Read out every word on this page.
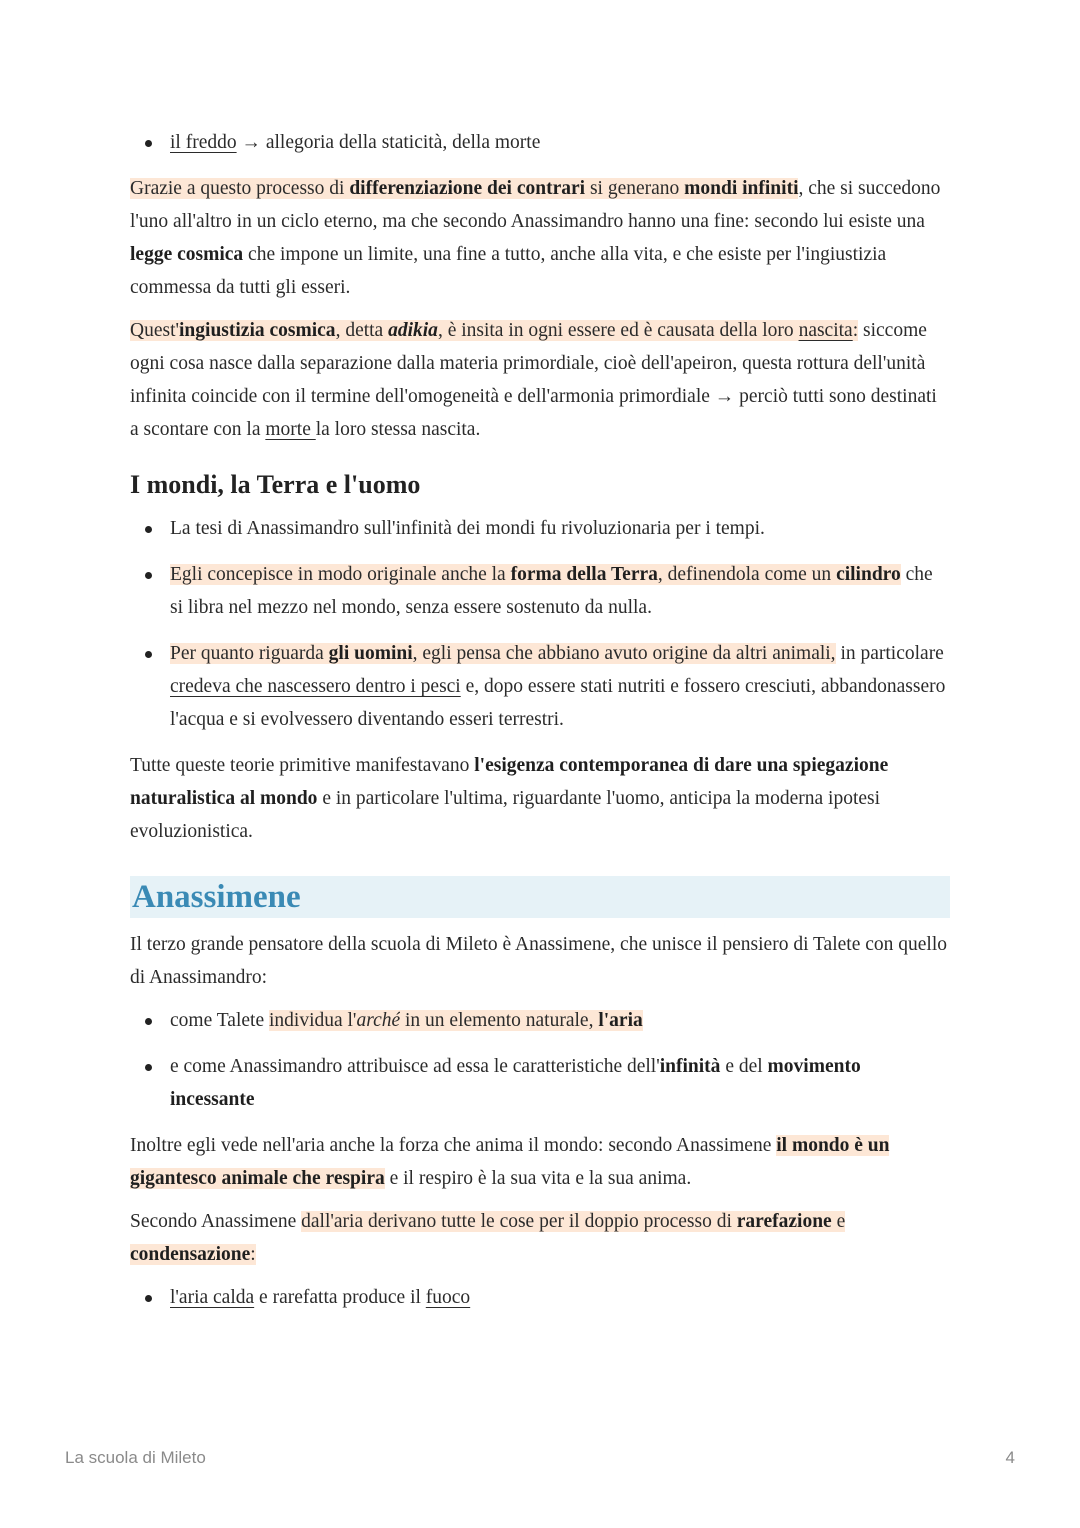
il freddo → allegoria della staticità, della morte

Grazie a questo processo di differenziazione dei contrari si generano mondi infiniti, che si succedono l'uno all'altro in un ciclo eterno, ma che secondo Anassimandro hanno una fine: secondo lui esiste una legge cosmica che impone un limite, una fine a tutto, anche alla vita, e che esiste per l'ingiustizia commessa da tutti gli esseri.

Quest'ingiustizia cosmica, detta adikia, è insita in ogni essere ed è causata della loro nascita: siccome ogni cosa nasce dalla separazione dalla materia primordiale, cioè dell'apeiron, questa rottura dell'unità infinita coincide con il termine dell'omogeneità e dell'armonia primordiale → perciò tutti sono destinati a scontare con la morte la loro stessa nascita.

I mondi, la Terra e l'uomo
La tesi di Anassimandro sull'infinità dei mondi fu rivoluzionaria per i tempi.
Egli concepisce in modo originale anche la forma della Terra, definendola come un cilindro che si libra nel mezzo nel mondo, senza essere sostenuto da nulla.
Per quanto riguarda gli uomini, egli pensa che abbiano avuto origine da altri animali, in particolare credeva che nascessero dentro i pesci e, dopo essere stati nutriti e fossero cresciuti, abbandonassero l'acqua e si evolvessero diventando esseri terrestri.

Tutte queste teorie primitive manifestavano l'esigenza contemporanea di dare una spiegazione naturalistica al mondo e in particolare l'ultima, riguardante l'uomo, anticipa la moderna ipotesi evoluzionistica.

Anassimene

Il terzo grande pensatore della scuola di Mileto è Anassimene, che unisce il pensiero di Talete con quello di Anassimandro:

come Talete individua l'arché in un elemento naturale, l'aria
e come Anassimandro attribuisce ad essa le caratteristiche dell'infinità e del movimento incessante

Inoltre egli vede nell'aria anche la forza che anima il mondo: secondo Anassimene il mondo è un gigantesco animale che respira e il respiro è la sua vita e la sua anima.

Secondo Anassimene dall'aria derivano tutte le cose per il doppio processo di rarefazione e condensazione:

l'aria calda e rarefatta produce il fuoco
La scuola di Mileto	4
